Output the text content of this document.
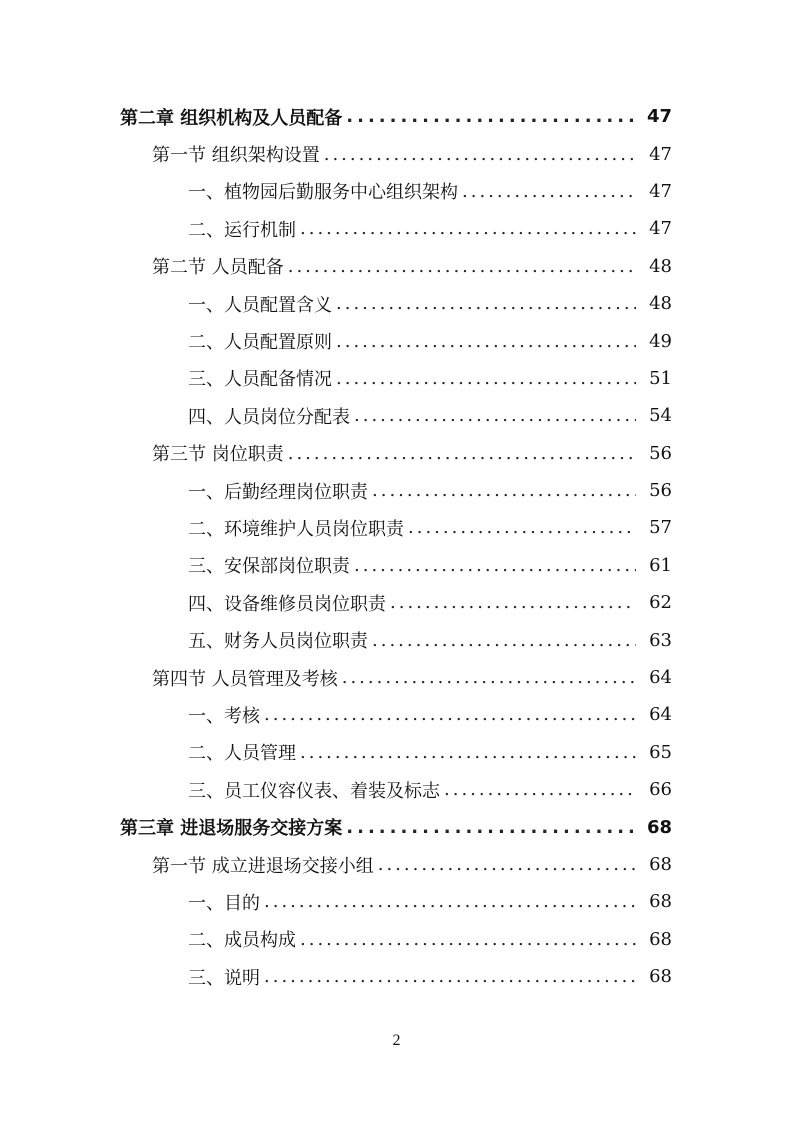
第二章 组织机构及人员配备 .....	47
第一节 组织架构设置 .....	47
一、植物园后勤服务中心组织架构 .....	47
二、运行机制 .....	47
第二节 人员配备 .....	48
一、人员配置含义 .....	48
二、人员配置原则 .....	49
三、人员配备情况 .....	51
四、人员岗位分配表 .....	54
第三节 岗位职责 .....	56
一、后勤经理岗位职责 .....	56
二、环境维护人员岗位职责 .....	57
三、安保部岗位职责 .....	61
四、设备维修员岗位职责 .....	62
五、财务人员岗位职责 .....	63
第四节 人员管理及考核 .....	64
一、考核 .....	64
二、人员管理 .....	65
三、员工仪容仪表、着装及标志 .....	66
第三章 进退场服务交接方案 .....	68
第一节 成立进退场交接小组 .....	68
一、目的 .....	68
二、成员构成 .....	68
三、说明 .....	68
2
